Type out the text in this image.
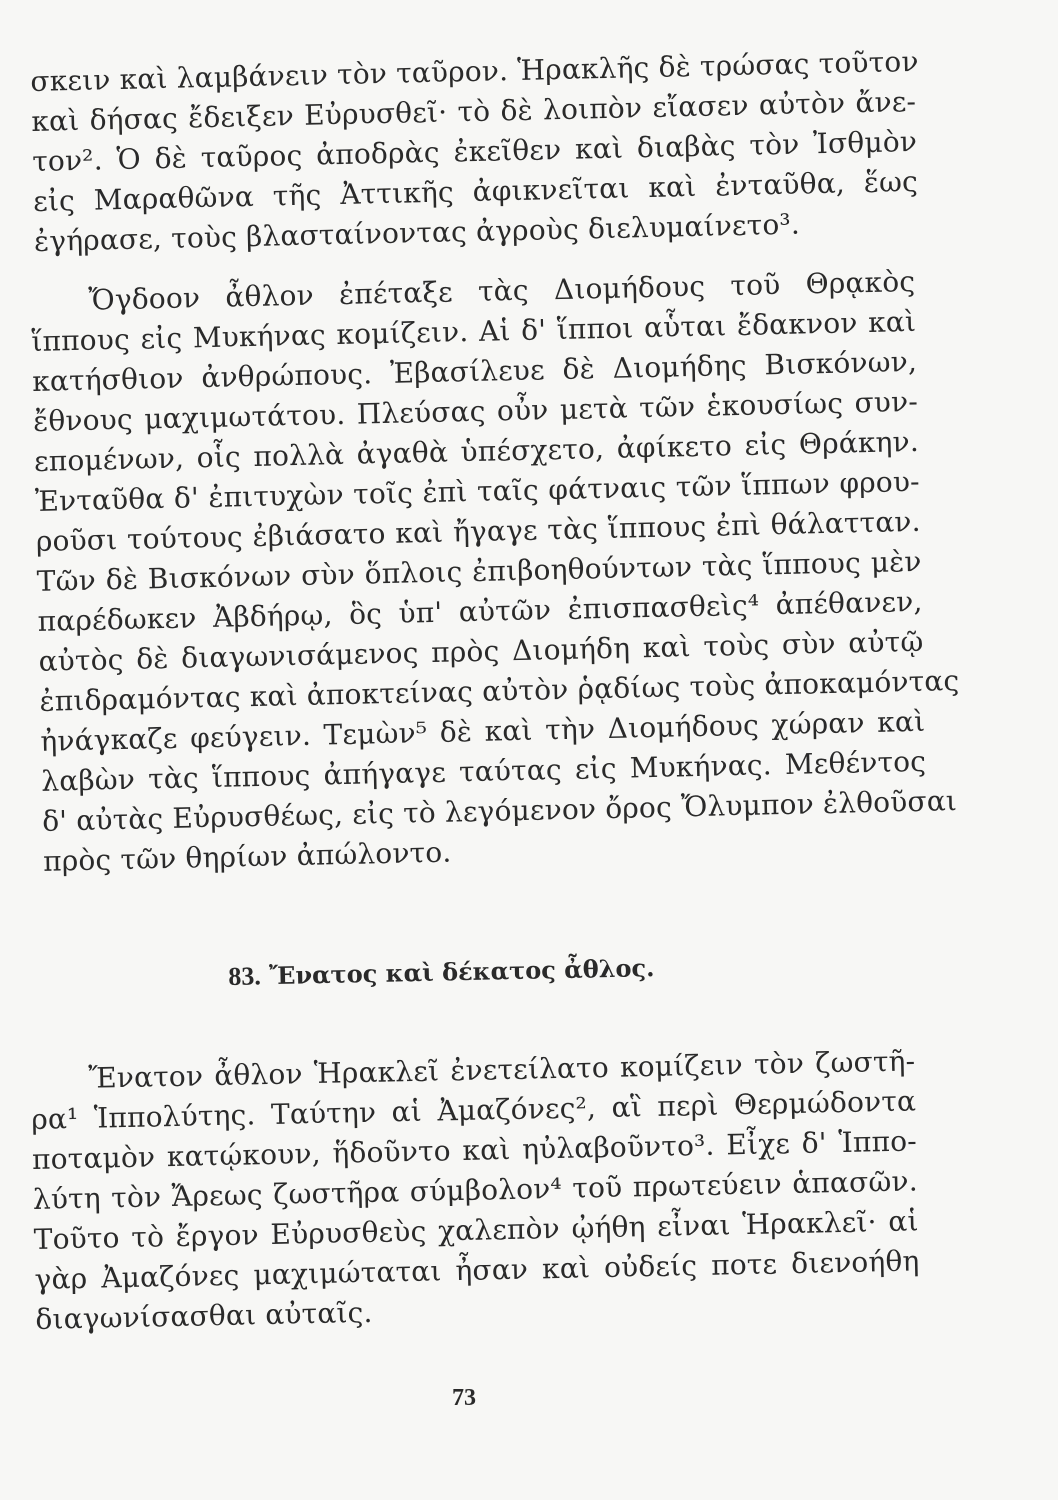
σκειν καὶ λαμβάνειν τὸν ταῦρον. Ἡρακλῆς δὲ τρώσας τοῦτον
καὶ δήσας ἔδειξεν Εὐρυσθεῖ· τὸ δὲ λοιπὸν εἴασεν αὐτὸν ἄνε-
τον². Ὁ δὲ ταῦρος ἀποδρὰς ἐκεῖθεν καὶ διαβὰς τὸν Ἰσθμὸν
εἰς Μαραθῶνα τῆς Ἀττικῆς ἀφικνεῖται καὶ ἐνταῦθα, ἕως
ἐγήρασε, τοὺς βλασταίνοντας ἀγροὺς διελυμαίνετο³.
Ὄγδοον ἆθλον ἐπέταξε τὰς Διομήδους τοῦ Θρᾳκὸς
ἵππους εἰς Μυκήνας κομίζειν. Αἱ δ' ἵπποι αὗται ἔδακνον καὶ
κατήσθιον ἀνθρώπους. Ἐβασίλευε δὲ Διομήδης Βισκόνων,
ἔθνους μαχιμωτάτου. Πλεύσας οὖν μετὰ τῶν ἑκουσίως συν-
επομένων, οἷς πολλὰ ἀγαθὰ ὑπέσχετο, ἀφίκετο εἰς Θράκην.
Ἐνταῦθα δ' ἐπιτυχὼν τοῖς ἐπὶ ταῖς φάτναις τῶν ἵππων φρου-
ροῦσι τούτους ἐβιάσατο καὶ ἤγαγε τὰς ἵππους ἐπὶ θάλατταν.
Τῶν δὲ Βισκόνων σὺν ὅπλοις ἐπιβοηθούντων τὰς ἵππους μὲν
παρέδωκεν Ἀβδήρῳ, ὃς ὑπ' αὐτῶν ἐπισπασθεὶς⁴ ἀπέθανεν,
αὐτὸς δὲ διαγωνισάμενος πρὸς Διομήδη καὶ τοὺς σὺν αὐτῷ
ἐπιδραμόντας καὶ ἀποκτείνας αὐτὸν ῥᾳδίως τοὺς ἀποκαμόντας
ἠνάγκαζε φεύγειν. Τεμὼν⁵ δὲ καὶ τὴν Διομήδους χώραν καὶ
λαβὼν τὰς ἵππους ἀπήγαγε ταύτας εἰς Μυκήνας. Μεθέντος
δ' αὐτὰς Εὐρυσθέως, εἰς τὸ λεγόμενον ὄρος Ὄλυμπον ἐλθοῦσαι
πρὸς τῶν θηρίων ἀπώλοντο.
83. Ἔνατος καὶ δέκατος ἆθλος.
Ἔνατον ἆθλον Ἡρακλεῖ ἐνετείλατο κομίζειν τὸν ζωστῆ-
ρα¹ Ἱππολύτης. Ταύτην αἱ Ἀμαζόνες², αἳ περὶ Θερμώδοντα
ποταμὸν κατῴκουν, ἥδοῦντο καὶ ηὐλαβοῦντο³. Εἶχε δ' Ἱππο-
λύτη τὸν Ἄρεως ζωστῆρα σύμβολον⁴ τοῦ πρωτεύειν ἁπασῶν.
Τοῦτο τὸ ἔργον Εὐρυσθεὺς χαλεπὸν ᾠήθη εἶναι Ἡρακλεῖ· αἱ
γὰρ Ἀμαζόνες μαχιμώταται ἦσαν καὶ οὐδείς ποτε διενοήθη
διαγωνίσασθαι αὐταῖς.
73
